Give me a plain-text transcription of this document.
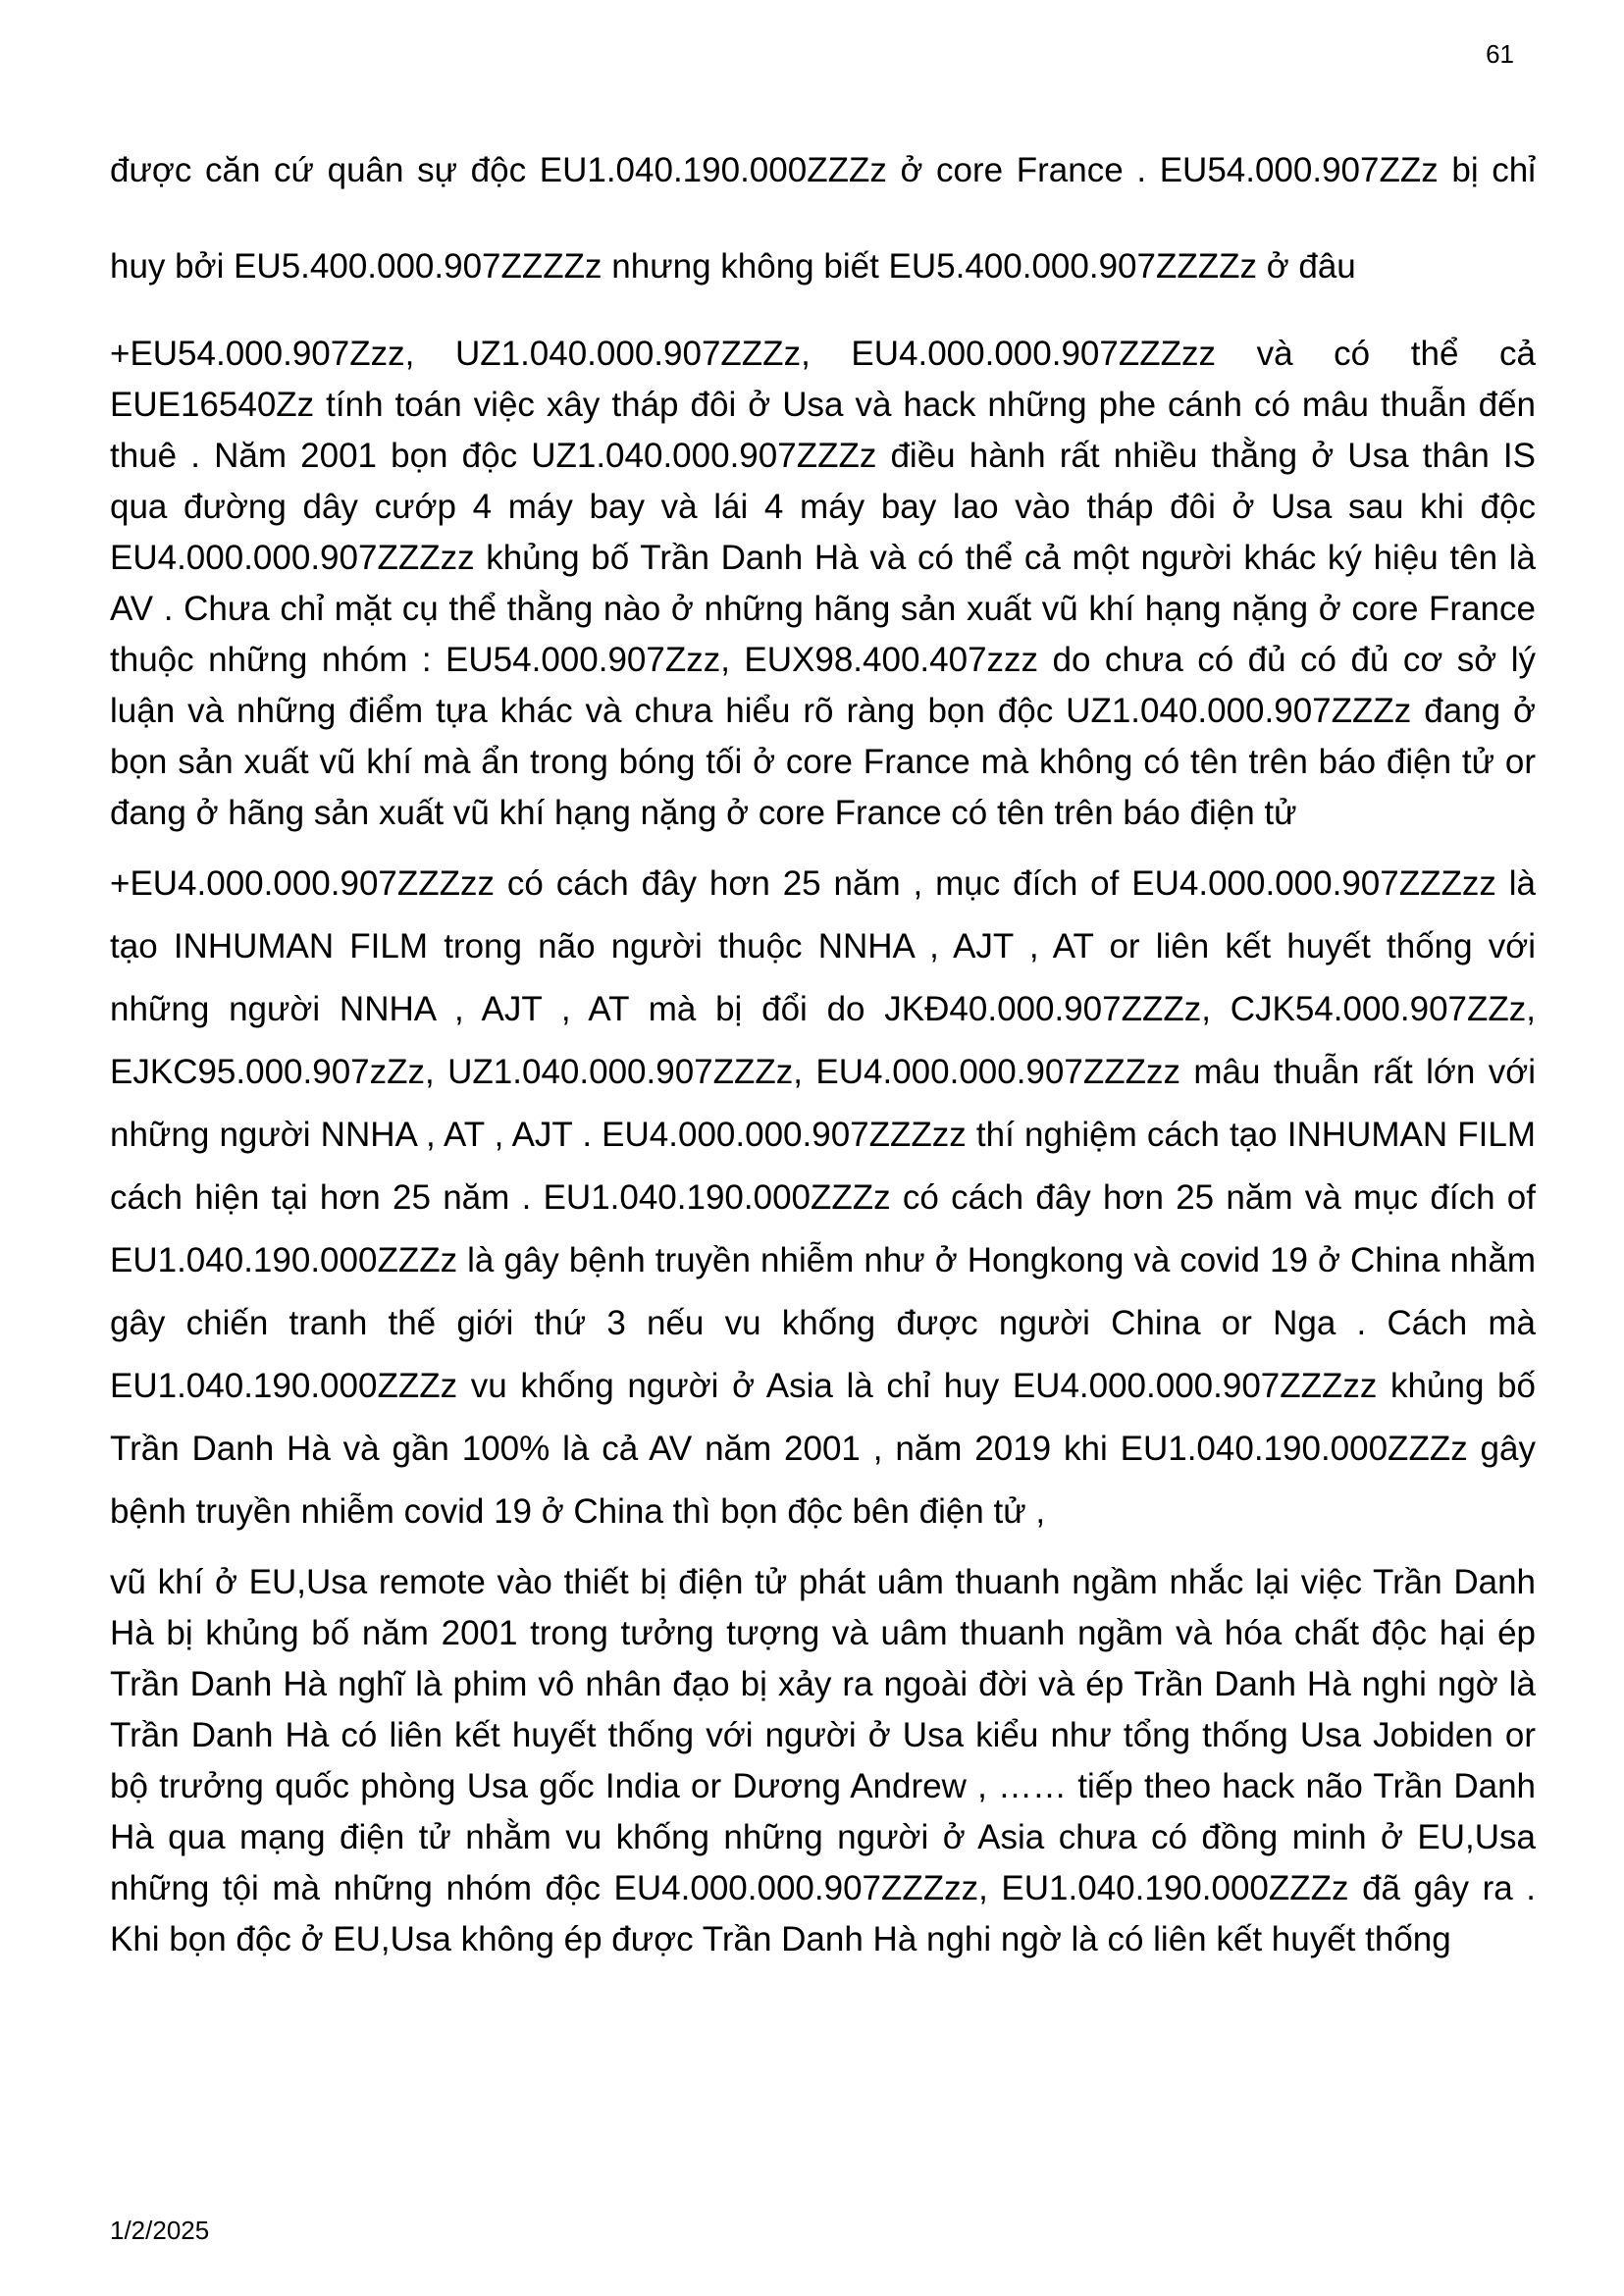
61

được căn cứ quân sự độc EU1.040.190.000ZZZz ở core France . EU54.000.907ZZz bị chỉ huy bởi EU5.400.000.907ZZZZz nhưng không biết EU5.400.000.907ZZZZz ở đâu

+EU54.000.907Zzz, UZ1.040.000.907ZZZz, EU4.000.000.907ZZZzz và có thể cả EUE16540Zz tính toán việc xây tháp đôi ở Usa và hack những phe cánh có mâu thuẫn đến thuê . Năm 2001 bọn độc UZ1.040.000.907ZZZz điều hành rất nhiều thằng ở Usa thân IS qua đường dây cướp 4 máy bay và lái 4 máy bay lao vào tháp đôi ở Usa sau khi độc EU4.000.000.907ZZZzz khủng bố Trần Danh Hà và có thể cả một người khác ký hiệu tên là AV . Chưa chỉ mặt cụ thể thằng nào ở những hãng sản xuất vũ khí hạng nặng ở core France thuộc những nhóm : EU54.000.907Zzz, EUX98.400.407zzz do chưa có đủ có đủ cơ sở lý luận và những điểm tựa khác và chưa hiểu rõ ràng bọn độc UZ1.040.000.907ZZZz đang ở bọn sản xuất vũ khí mà ẩn trong bóng tối ở core France mà không có tên trên báo điện tử or đang ở hãng sản xuất vũ khí hạng nặng ở core France có tên trên báo điện tử

+EU4.000.000.907ZZZzz có cách đây hơn 25 năm , mục đích of EU4.000.000.907ZZZzz là tạo INHUMAN FILM trong não người thuộc NNHA , AJT , AT or liên kết huyết thống với những người NNHA , AJT , AT mà bị đổi do JKĐ40.000.907ZZZz, CJK54.000.907ZZz, EJKC95.000.907zZz, UZ1.040.000.907ZZZz, EU4.000.000.907ZZZzz mâu thuẫn rất lớn với những người NNHA , AT , AJT . EU4.000.000.907ZZZzz thí nghiệm cách tạo INHUMAN FILM cách hiện tại hơn 25 năm . EU1.040.190.000ZZZz có cách đây hơn 25 năm và mục đích of EU1.040.190.000ZZZz là gây bệnh truyền nhiễm như ở Hongkong và covid 19 ở China nhằm gây chiến tranh thế giới thứ 3 nếu vu khống được người China or Nga . Cách mà EU1.040.190.000ZZZz vu khống người ở Asia là chỉ huy EU4.000.000.907ZZZzz khủng bố Trần Danh Hà và gần 100% là cả AV năm 2001 , năm 2019 khi EU1.040.190.000ZZZz gây bệnh truyền nhiễm covid 19 ở China thì bọn độc bên điện tử ,

vũ khí ở EU,Usa remote vào thiết bị điện tử phát uâm thuanh ngầm nhắc lại việc Trần Danh Hà bị khủng bố năm 2001 trong tưởng tượng và uâm thuanh ngầm và hóa chất độc hại ép Trần Danh Hà nghĩ là phim vô nhân đạo bị xảy ra ngoài đời và ép Trần Danh Hà nghi ngờ là Trần Danh Hà có liên kết huyết thống với người ở Usa kiểu như tổng thống Usa Jobiden or bộ trưởng quốc phòng Usa gốc India or Dương Andrew , …… tiếp theo hack não Trần Danh Hà qua mạng điện tử nhằm vu khống những người ở Asia chưa có đồng minh ở EU,Usa những tội mà những nhóm độc EU4.000.000.907ZZZzz, EU1.040.190.000ZZZz đã gây ra . Khi bọn độc ở EU,Usa không ép được Trần Danh Hà nghi ngờ là có liên kết huyết thống

1/2/2025
